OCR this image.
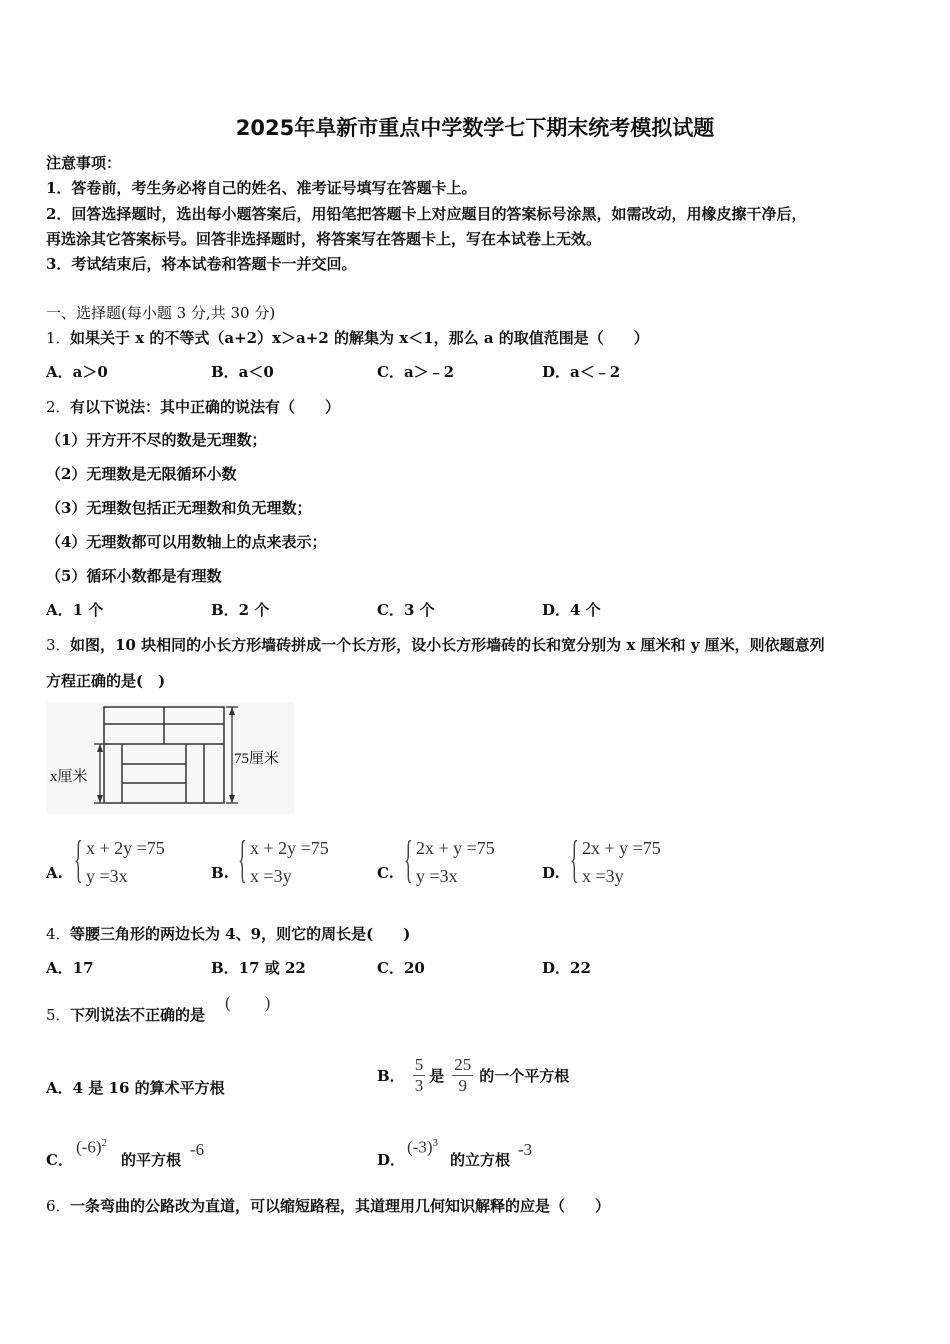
2025年阜新市重点中学数学七下期末统考模拟试题
注意事项：
1．答卷前，考生务必将自己的姓名、准考证号填写在答题卡上。
2．回答选择题时，选出每小题答案后，用铅笔把答题卡上对应题目的答案标号涂黑，如需改动，用橡皮擦干净后，
再选涂其它答案标号。回答非选择题时，将答案写在答题卡上，写在本试卷上无效。
3．考试结束后，将本试卷和答题卡一并交回。
一、选择题(每小题 3 分,共 30 分)
1． 如果关于 x 的不等式（a+2）x＞a+2 的解集为 x＜1，那么 a 的取值范围是（　　）
A．a＞0	B．a＜0	C．a＞﹣2	D．a＜﹣2
2． 有以下说法：其中正确的说法有（　　）
（1）开方开不尽的数是无理数；
（2）无理数是无限循环小数
（3）无理数包括正无理数和负无理数；
（4）无理数都可以用数轴上的点来表示；
（5）循环小数都是有理数
A．1 个	B．2 个	C．3 个	D．4 个
3． 如图，10 块相同的小长方形墙砖拼成一个长方形，设小长方形墙砖的长和宽分别为 x 厘米和 y 厘米，则依题意列
方程正确的是(　)
x厘米
75厘米
A. { x + 2y =75
y =3x	B. { x + 2y =75
x =3y	C. { 2x + y =75
y =3x	D. { 2x + y =75
x =3y
4． 等腰三角形的两边长为 4、9，则它的周长是(　　)
A．17	B．17 或 22	C．20	D．22
5． 下列说法不正确的是
(　　)
A．4 是 16 的算术平方根
B． $\frac{5}{3}$ 是 $\frac{25}{9}$ 的一个平方根
C．
$(-6)^2$
的平方根
-6
D．
$(-3)^3$
的立方根
-3
6． 一条弯曲的公路改为直道，可以缩短路程，其道理用几何知识解释的应是（　　）
